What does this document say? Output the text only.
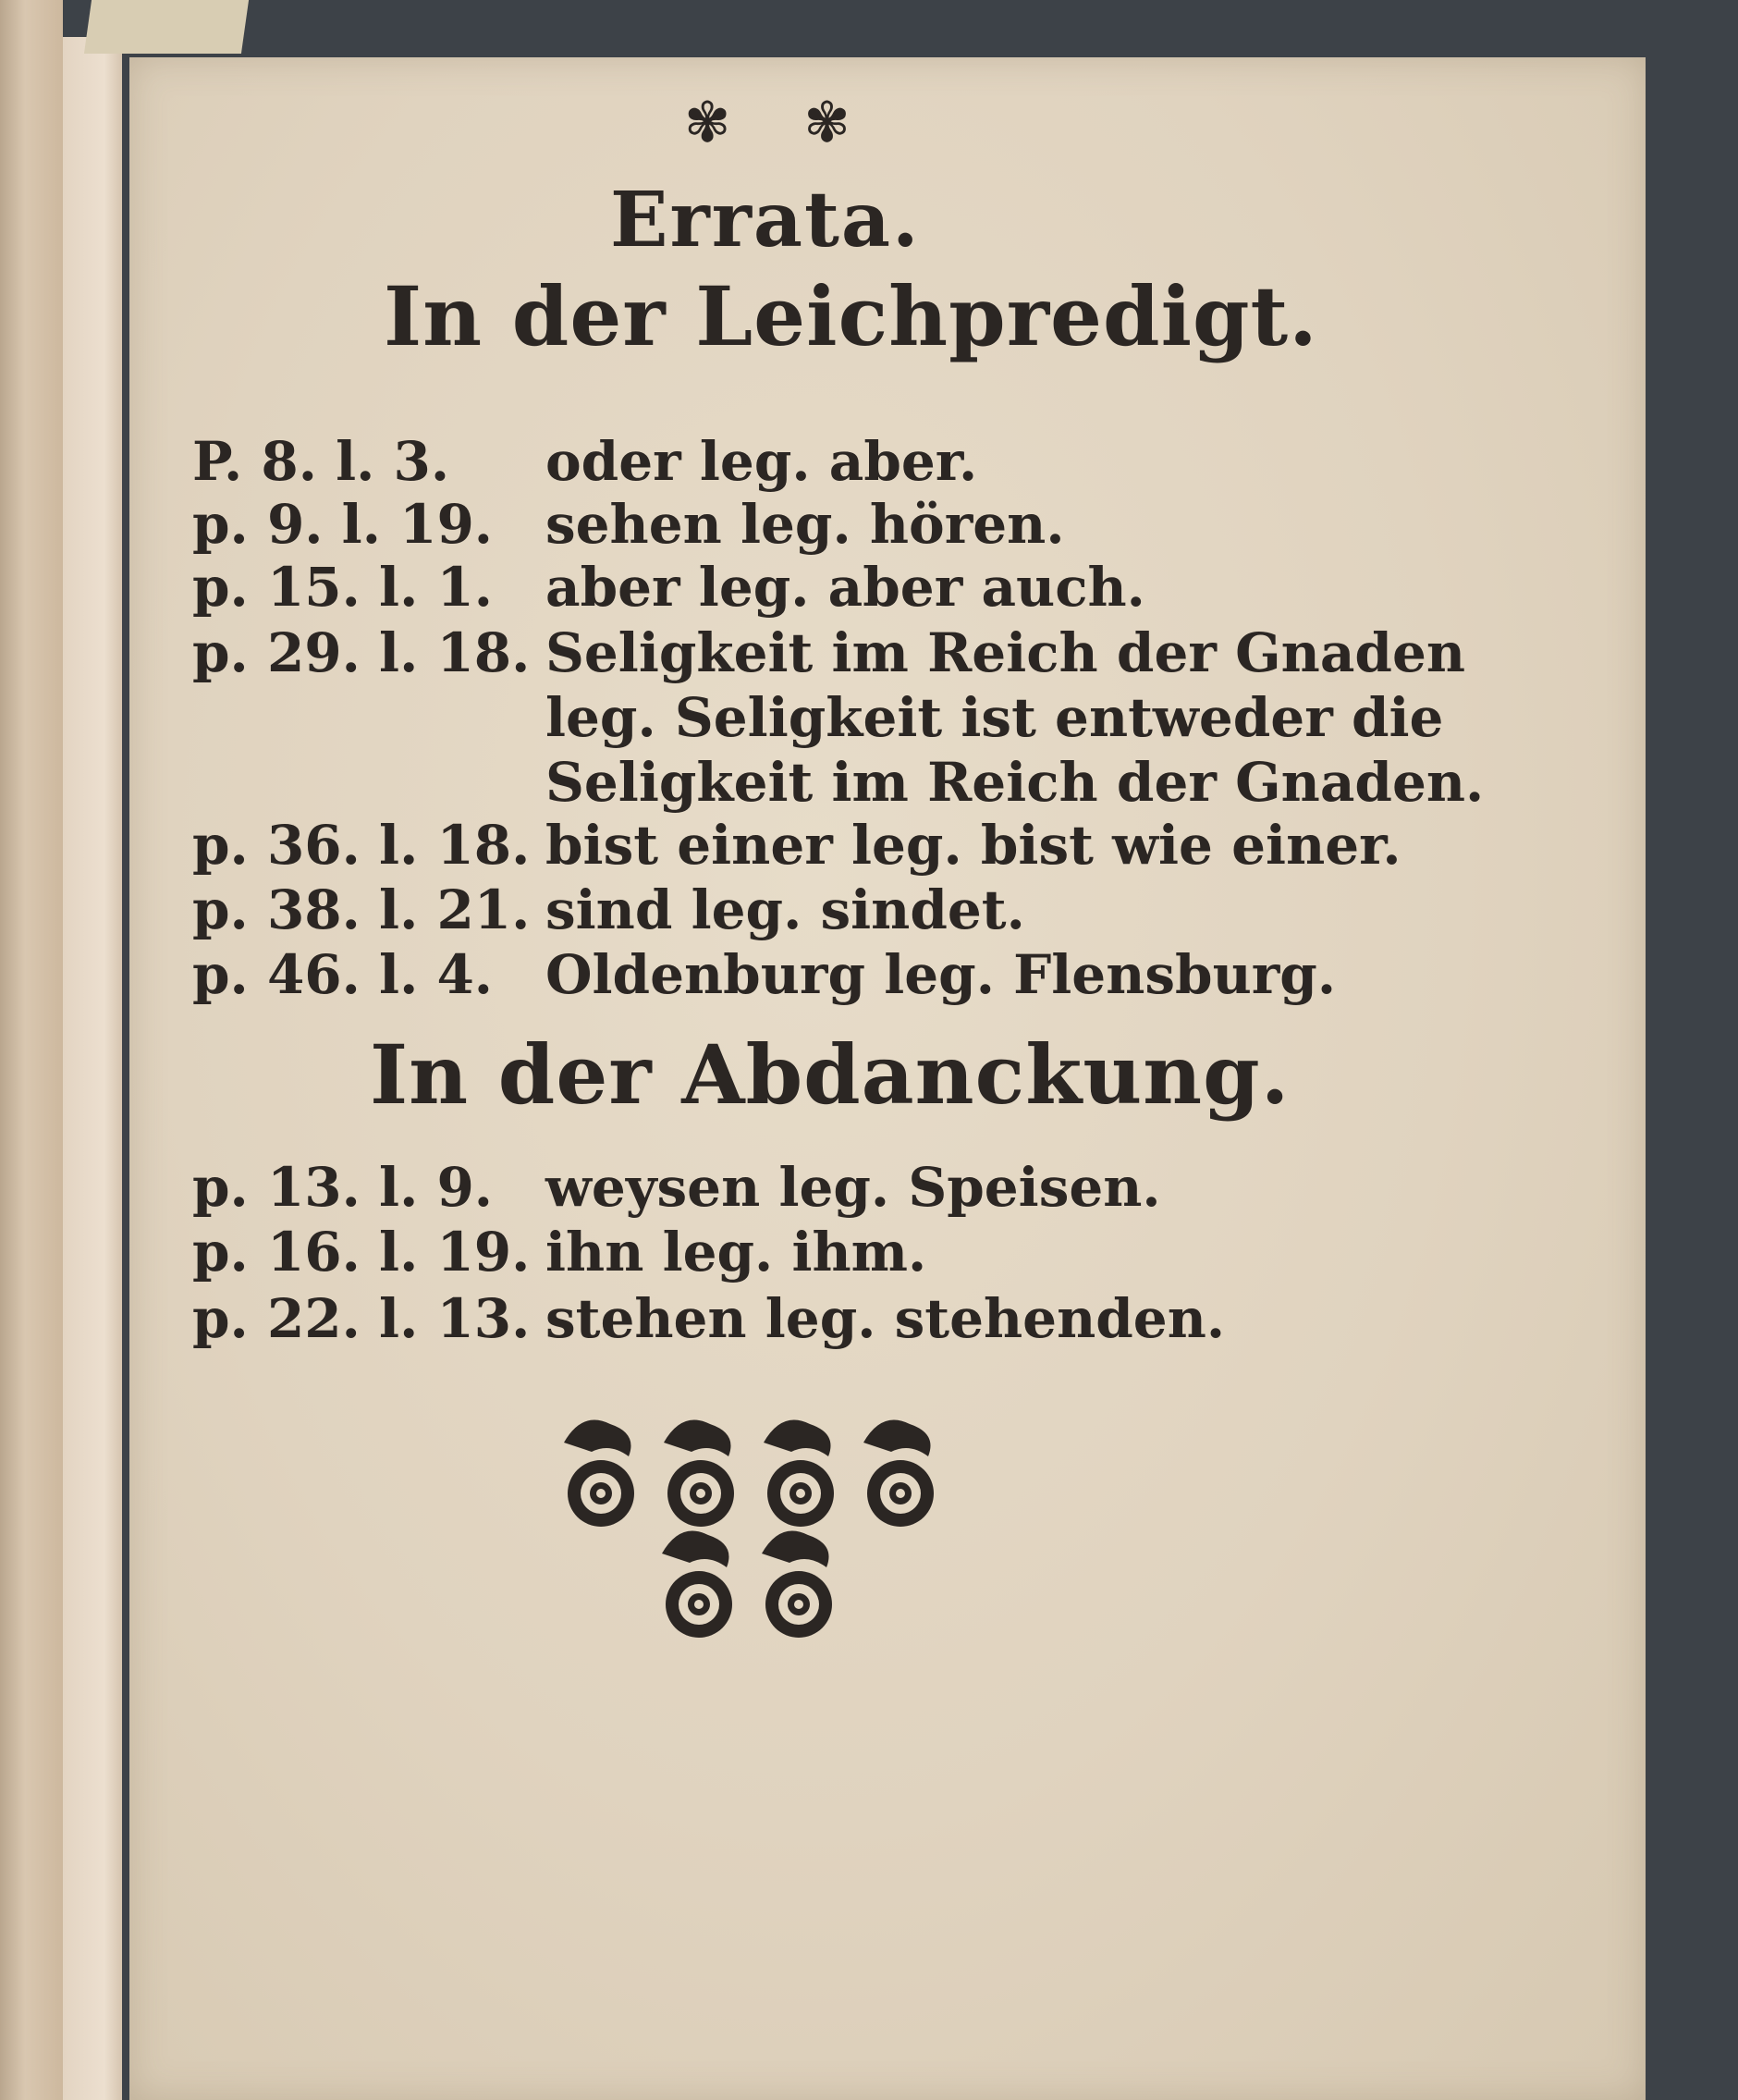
✾ ✾
Errata.
In der Leichpredigt.
P. 8. l. 3.	oder leg. aber.
p. 9. l. 19. sehen leg. hören.
p. 15. l. 1. aber leg. aber auch.
p. 29. l. 18. Seligkeit im Reich der Gnaden
leg. Seligkeit ist entweder die
Seligkeit im Reich der Gnaden.
p. 36. l. 18. bist einer leg. bist wie einer.
p. 38. l. 21. sind leg. sindet.
p. 46. l. 4. Oldenburg leg. Flensburg.
In der Abdanckung.
p. 13. l. 9. weysen leg. Speisen.
p. 16. l. 19. ihn leg. ihm.
p. 22. l. 13. stehen leg. stehenden.
